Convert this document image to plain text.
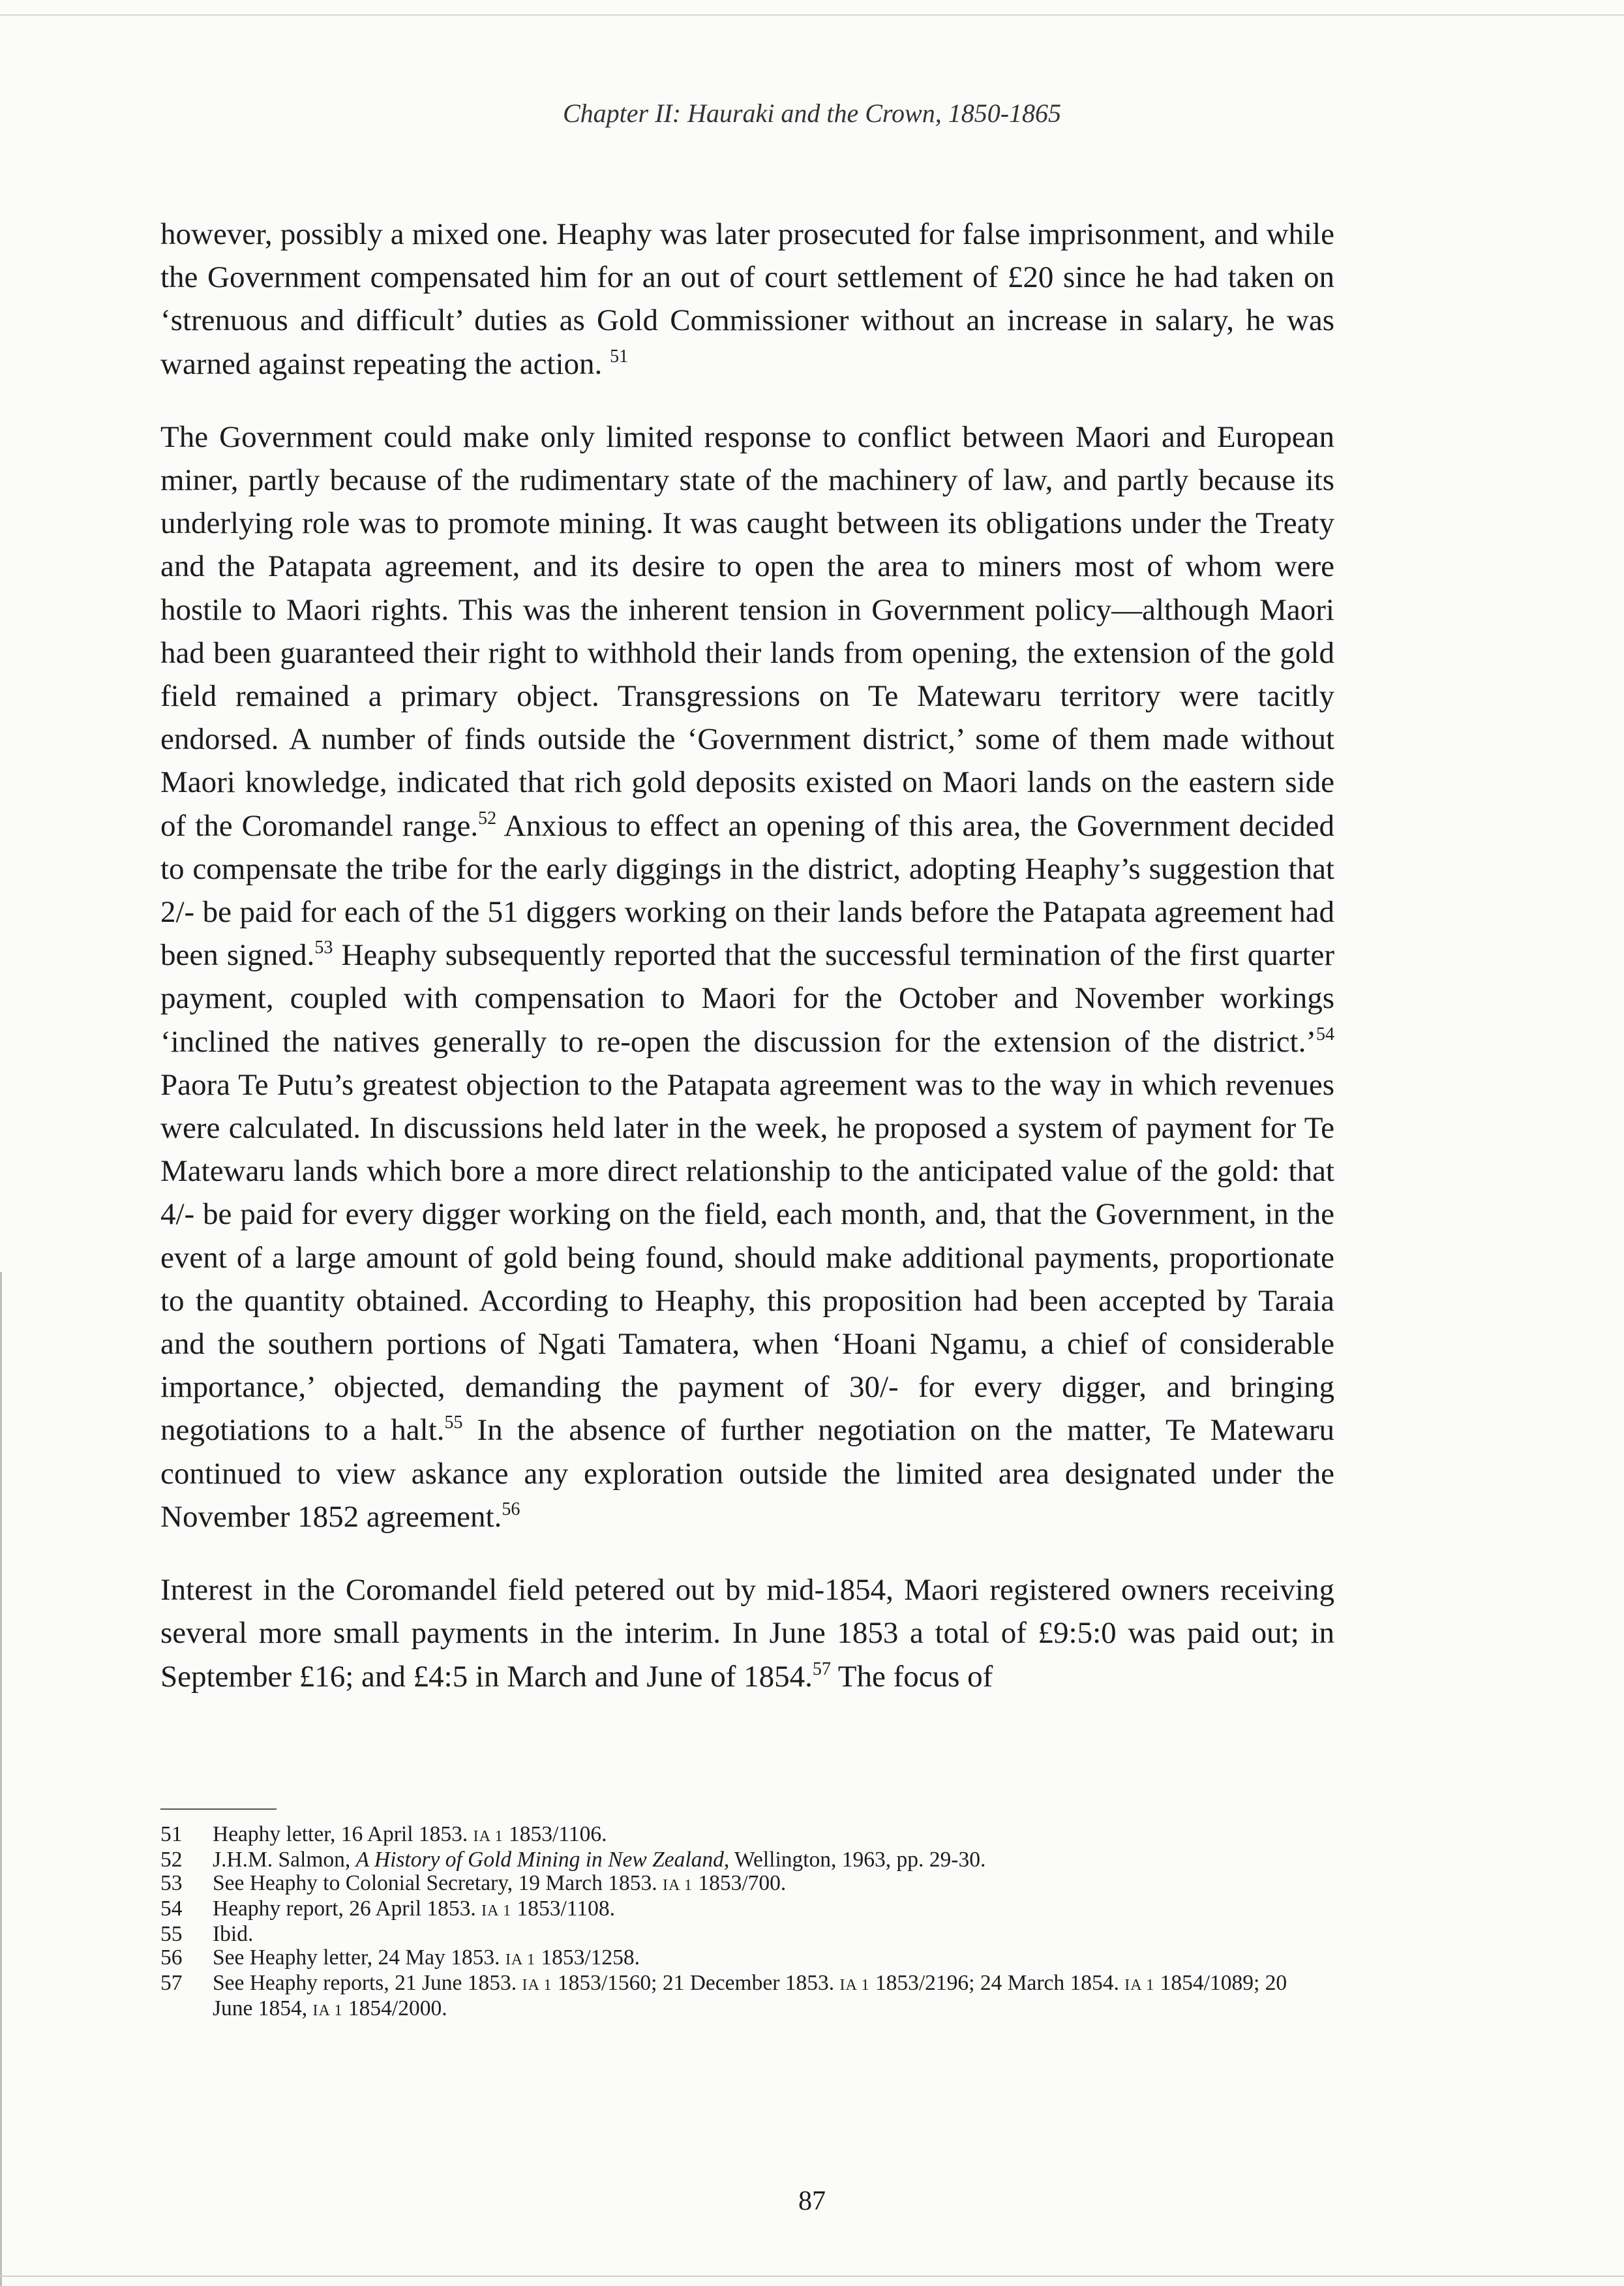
Chapter II: Hauraki and the Crown, 1850-1865

however, possibly a mixed one. Heaphy was later prosecuted for false imprisonment, and while the Government compensated him for an out of court settlement of £20 since he had taken on ‘strenuous and difficult’ duties as Gold Commissioner without an increase in salary, he was warned against repeating the action. $^{51}$

The Government could make only limited response to conflict between Maori and European miner, partly because of the rudimentary state of the machinery of law, and partly because its underlying role was to promote mining. It was caught between its obligations under the Treaty and the Patapata agreement, and its desire to open the area to miners most of whom were hostile to Maori rights. This was the inherent tension in Government policy—although Maori had been guaranteed their right to withhold their lands from opening, the extension of the gold field remained a primary object. Transgressions on Te Matewaru territory were tacitly endorsed. A number of finds outside the ‘Government district,’ some of them made without Maori knowledge, indicated that rich gold deposits existed on Maori lands on the eastern side of the Coromandel range.$^{52}$ Anxious to effect an opening of this area, the Government decided to compensate the tribe for the early diggings in the district, adopting Heaphy’s suggestion that 2/- be paid for each of the 51 diggers working on their lands before the Patapata agreement had been signed.$^{53}$ Heaphy subsequently reported that the successful termination of the first quarter payment, coupled with compensation to Maori for the October and November workings ‘inclined the natives generally to re-open the discussion for the extension of the district.’$^{54}$ Paora Te Putu’s greatest objection to the Patapata agreement was to the way in which revenues were calculated. In discussions held later in the week, he proposed a system of payment for Te Matewaru lands which bore a more direct relationship to the anticipated value of the gold: that 4/- be paid for every digger working on the field, each month, and, that the Government, in the event of a large amount of gold being found, should make additional payments, proportionate to the quantity obtained. According to Heaphy, this proposition had been accepted by Taraia and the southern portions of Ngati Tamatera, when ‘Hoani Ngamu, a chief of considerable importance,’ objected, demanding the payment of 30/- for every digger, and bringing negotiations to a halt.$^{55}$ In the absence of further negotiation on the matter, Te Matewaru continued to view askance any exploration outside the limited area designated under the November 1852 agreement.$^{56}$

Interest in the Coromandel field petered out by mid-1854, Maori registered owners receiving several more small payments in the interim. In June 1853 a total of £9:5:0 was paid out; in September £16; and £4:5 in March and June of 1854.57 The focus of

51	Heaphy letter, 16 April 1853. IA 1 1853/1106.
52	J.H.M. Salmon, A History of Gold Mining in New Zealand, Wellington, 1963, pp. 29-30.
53	See Heaphy to Colonial Secretary, 19 March 1853. IA 1 1853/700.
54	Heaphy report, 26 April 1853. IA 1 1853/1108.
55	Ibid.
56	See Heaphy letter, 24 May 1853. IA 1 1853/1258.
57	See Heaphy reports, 21 June 1853. IA 1 1853/1560; 21 December 1853. IA 1 1853/2196; 24 March 1854. IA 1 1854/1089; 20 June 1854, IA 1 1854/2000.
87
